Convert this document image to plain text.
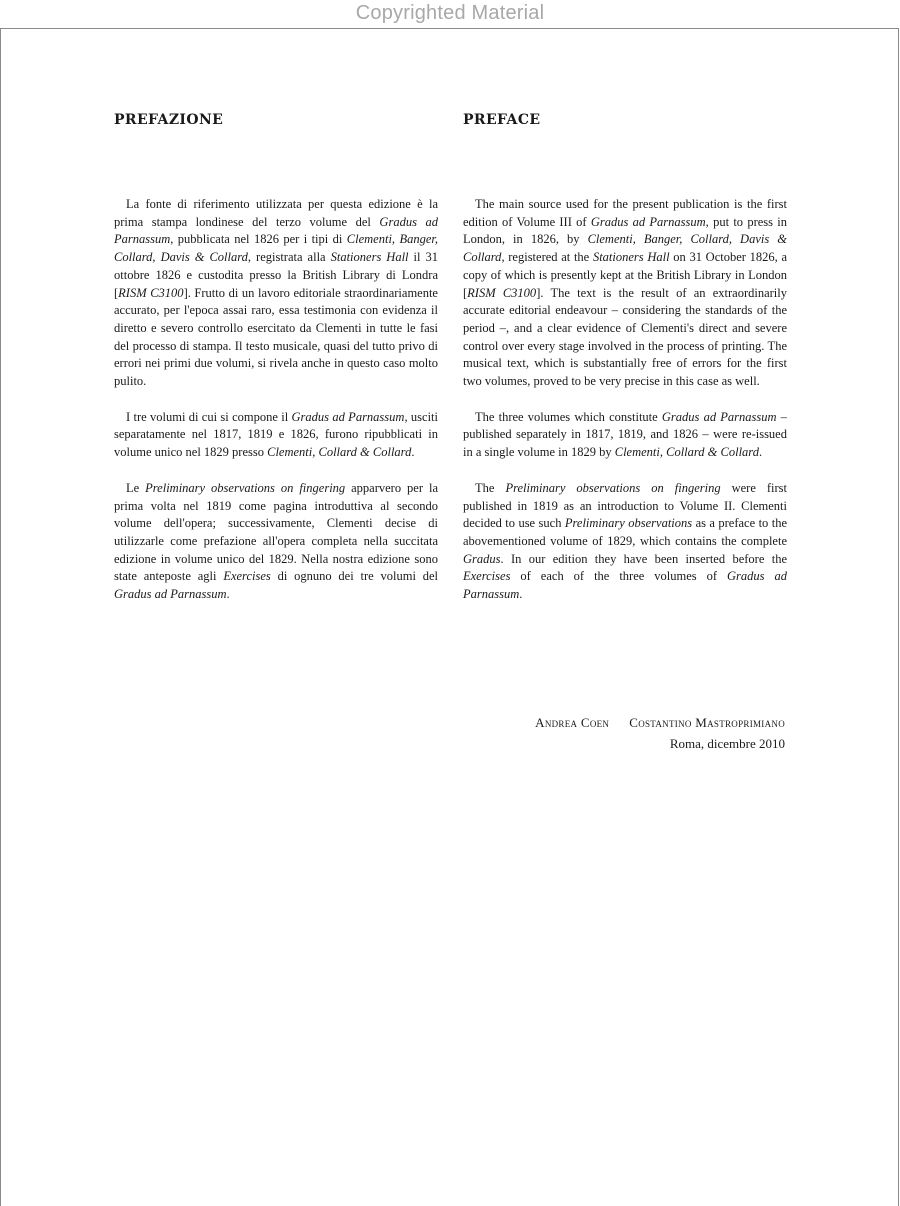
Copyrighted Material
PREFAZIONE

La fonte di riferimento utilizzata per questa edizione è la prima stampa londinese del terzo volume del Gradus ad Parnassum, pubblicata nel 1826 per i tipi di Clementi, Banger, Collard, Davis & Collard, registrata alla Stationers Hall il 31 ottobre 1826 e custodita presso la British Library di Londra [RISM C3100]. Frutto di un lavoro editoriale straordinariamente accurato, per l'epoca assai raro, essa testimonia con evidenza il diretto e severo controllo esercitato da Clementi in tutte le fasi del processo di stampa. Il testo musicale, quasi del tutto privo di errori nei primi due volumi, si rivela anche in questo caso molto pulito.

I tre volumi di cui si compone il Gradus ad Parnassum, usciti separatamente nel 1817, 1819 e 1826, furono ripubblicati in volume unico nel 1829 presso Clementi, Collard & Collard.

Le Preliminary observations on fingering apparvero per la prima volta nel 1819 come pagina introduttiva al secondo volume dell'opera; successivamente, Clementi decise di utilizzarle come prefazione all'opera completa nella succitata edizione in volume unico del 1829. Nella nostra edizione sono state anteposte agli Exercises di ognuno dei tre volumi del Gradus ad Parnassum.

PREFACE

The main source used for the present publication is the first edition of Volume III of Gradus ad Parnassum, put to press in London, in 1826, by Clementi, Banger, Collard, Davis & Collard, registered at the Stationers Hall on 31 October 1826, a copy of which is presently kept at the British Library in London [RISM C3100]. The text is the result of an extraordinarily accurate editorial endeavour – considering the standards of the period –, and a clear evidence of Clementi's direct and severe control over every stage involved in the process of printing. The musical text, which is substantially free of errors for the first two volumes, proved to be very precise in this case as well.

The three volumes which constitute Gradus ad Parnassum – published separately in 1817, 1819, and 1826 – were re-issued in a single volume in 1829 by Clementi, Collard & Collard.

The Preliminary observations on fingering were first published in 1819 as an introduction to Volume II. Clementi decided to use such Preliminary observations as a preface to the abovementioned volume of 1829, which contains the complete Gradus. In our edition they have been inserted before the Exercises of each of the three volumes of Gradus ad Parnassum.

Andrea Coen Costantino Mastroprimiano
Roma, dicembre 2010
